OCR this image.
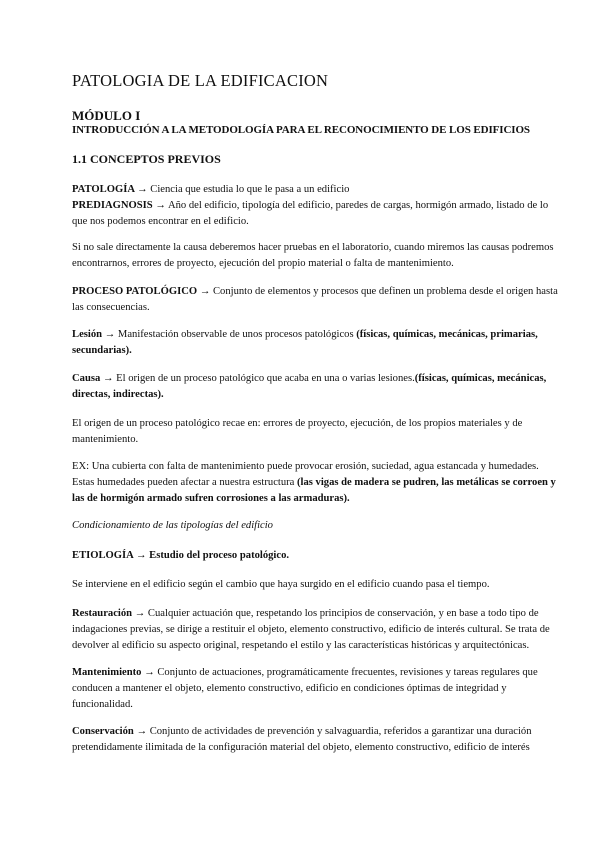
PATOLOGIA DE LA EDIFICACION
MÓDULO I
INTRODUCCIÓN A LA METODOLOGÍA PARA EL RECONOCIMIENTO DE LOS EDIFICIOS
1.1 CONCEPTOS PREVIOS

PATOLOGÍA → Ciencia que estudia lo que le pasa a un edificio
PREDIAGNOSIS → Año del edificio, tipología del edificio, paredes de cargas, hormigón armado, listado de lo que nos podemos encontrar en el edificio.

Si no sale directamente la causa deberemos hacer pruebas en el laboratorio, cuando miremos las causas podremos encontrarnos, errores de proyecto, ejecución del propio material o falta de mantenimiento.

PROCESO PATOLÓGICO → Conjunto de elementos y procesos que definen un problema desde el origen hasta las consecuencias.

Lesión → Manifestación observable de unos procesos patológicos (físicas, químicas, mecánicas, primarias, secundarias).

Causa → El origen de un proceso patológico que acaba en una o varias lesiones.(físicas, químicas, mecánicas, directas, indirectas).

El origen de un proceso patológico recae en: errores de proyecto, ejecución, de los propios materiales y de mantenimiento.

EX: Una cubierta con falta de mantenimiento puede provocar erosión, suciedad, agua estancada y humedades. Estas humedades pueden afectar a nuestra estructura (las vigas de madera se pudren, las metálicas se corroen y las de hormigón armado sufren corrosiones a las armaduras).

Condicionamiento de las tipologías del edificio

ETIOLOGÍA → Estudio del proceso patológico.

Se interviene en el edificio según el cambio que haya surgido en el edificio cuando pasa el tiempo.

Restauración → Cualquier actuación que, respetando los principios de conservación, y en base a todo tipo de indagaciones previas, se dirige a restituir el objeto, elemento constructivo, edificio de interés cultural. Se trata de devolver al edificio su aspecto original, respetando el estilo y las características históricas y arquitectónicas.

Mantenimiento → Conjunto de actuaciones, programáticamente frecuentes, revisiones y tareas regulares que conducen a mantener el objeto, elemento constructivo, edificio en condiciones óptimas de integridad y funcionalidad.

Conservación → Conjunto de actividades de prevención y salvaguardia, referidos a garantizar una duración pretendidamente ilimitada de la configuración material del objeto, elemento constructivo, edificio de interés
